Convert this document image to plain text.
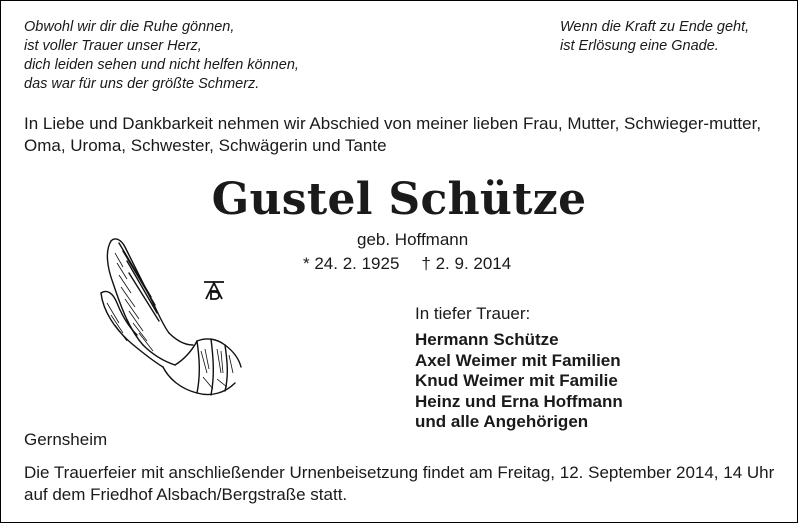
Obwohl wir dir die Ruhe gönnen,
ist voller Trauer unser Herz,
dich leiden sehen und nicht helfen können,
das war für uns der größte Schmerz.

Wenn die Kraft zu Ende geht,
ist Erlösung eine Gnade.

In Liebe und Dankbarkeit nehmen wir Abschied von meiner lieben Frau, Mutter, Schwieger-mutter, Oma, Uroma, Schwester, Schwägerin und Tante

Gustel Schütze

geb. Hoffmann

* 24. 2. 1925 † 2. 9. 2014

In tiefer Trauer:
Hermann Schütze
Axel Weimer mit Familien
Knud Weimer mit Familie
Heinz und Erna Hoffmann
und alle Angehörigen

Gernsheim

Die Trauerfeier mit anschließender Urnenbeisetzung findet am Freitag, 12. September 2014, 14 Uhr auf dem Friedhof Alsbach/Bergstraße statt.
